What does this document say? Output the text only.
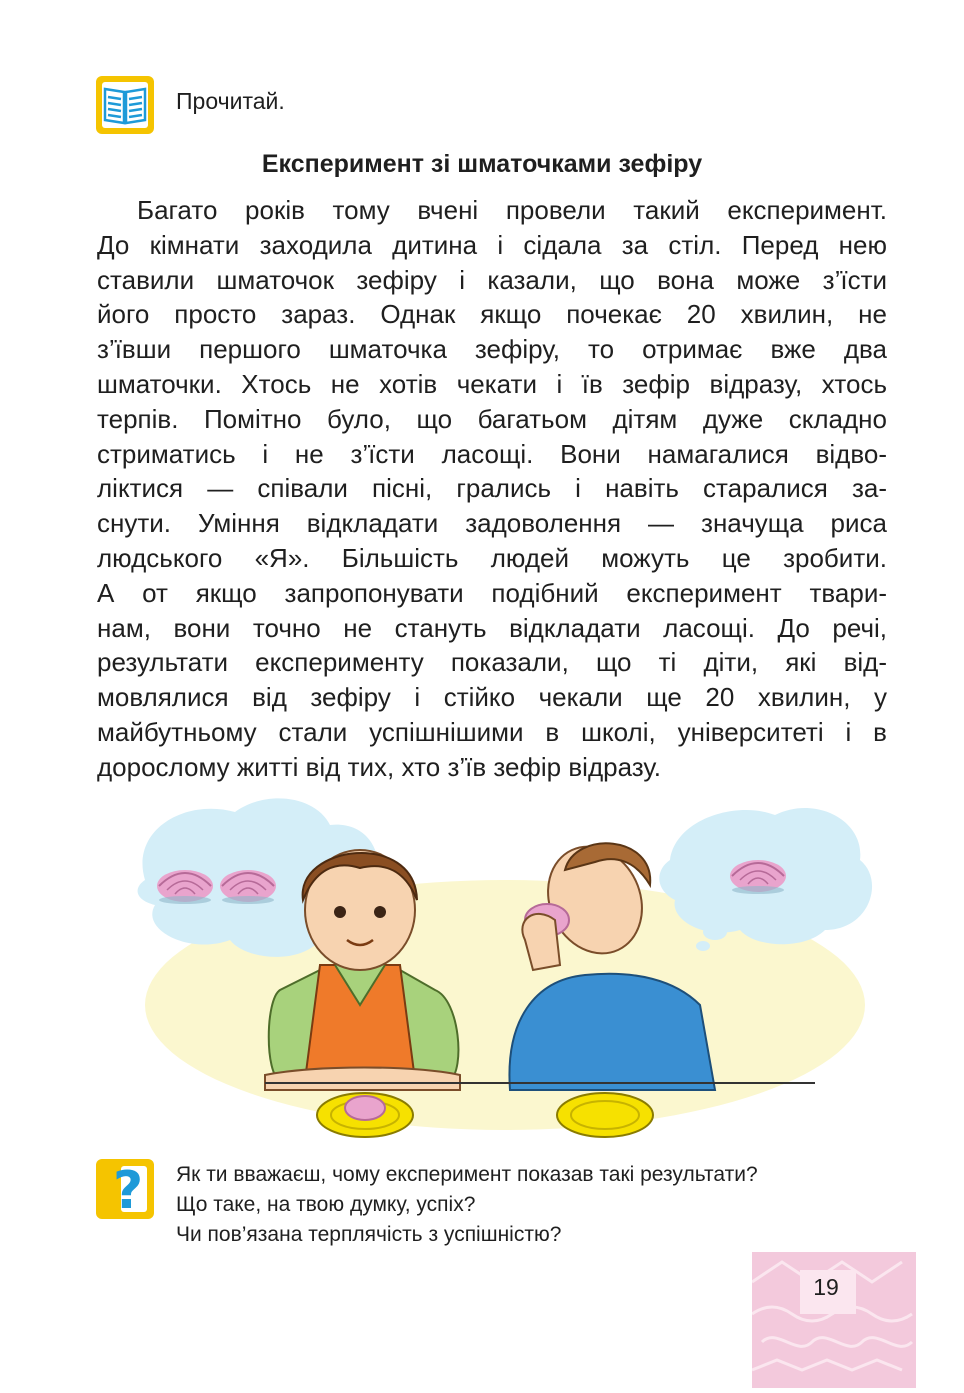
Прочитай.
Експеримент зі шматочками зефіру
Багато років тому вчені провели такий експеримент.
До кімнати заходила дитина і сідала за стіл. Перед нею
ставили шматочок зефіру і казали, що вона може з’їсти
його просто зараз. Однак якщо почекає 20 хвилин, не
з’ївши першого шматочка зефіру, то отримає вже два
шматочки. Хтось не хотів чекати і їв зефір відразу, хтось
терпів. Помітно було, що багатьом дітям дуже складно
стриматись і не з’їсти ласощі. Вони намагалися відво-
ліктися — співали пісні, грались і навіть старалися за-
снути. Уміння відкладати задоволення — значуща риса
людського «Я». Більшість людей можуть це зробити.
А от якщо запропонувати подібний експеримент твари-
нам, вони точно не стануть відкладати ласощі. До речі,
результати експерименту показали, що ті діти, які від-
мовлялися від зефіру і стійко чекали ще 20 хвилин, у
майбутньому стали успішнішими в школі, університеті і в
дорослому житті від тих, хто з’їв зефір відразу.
? Як ти вважаєш, чому експеримент показав такі результати?
Що таке, на твою думку, успіх?
Чи пов’язана терплячість з успішністю?
19
